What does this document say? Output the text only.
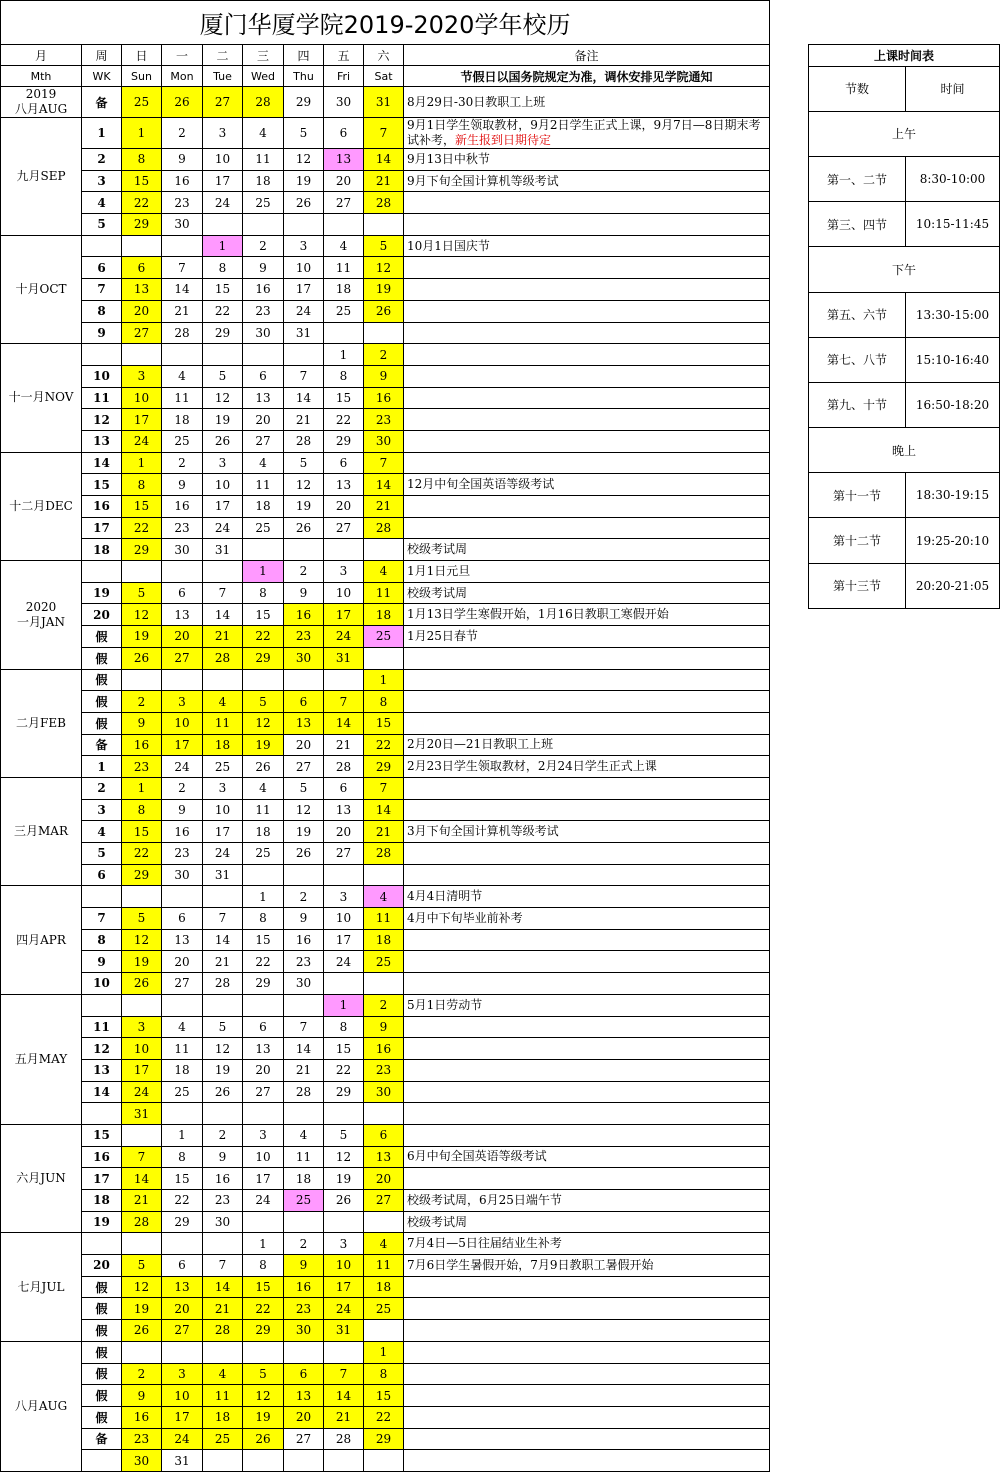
厦门华厦学院2019-2020学年校历									
月	周	日	一	二	三	四	五	六	备注
Mth	WK	Sun	Mon	Tue	Wed	Thu	Fri	Sat	节假日以国务院规定为准，调休安排见学院通知
2019
八月AUG	备	25	26	27	28	29	30	31	8月29日-30日教职工上班
九月SEP	1	1	2	3	4	5	6	7	9月1日学生领取教材，9月2日学生正式上课，9月7日—8日期末考试补考，新生报到日期待定
	2	8	9	10	11	12	13	14	9月13日中秋节
	3	15	16	17	18	19	20	21	9月下旬全国计算机等级考试
	4	22	23	24	25	26	27	28	
	5	29	30						
十月OCT				1	2	3	4	5	10月1日国庆节
	6	6	7	8	9	10	11	12	
	7	13	14	15	16	17	18	19	
	8	20	21	22	23	24	25	26	
	9	27	28	29	30	31			
十一月NOV							1	2	
	10	3	4	5	6	7	8	9	
	11	10	11	12	13	14	15	16	
	12	17	18	19	20	21	22	23	
	13	24	25	26	27	28	29	30	
十二月DEC	14	1	2	3	4	5	6	7	
	15	8	9	10	11	12	13	14	12月中旬全国英语等级考试
	16	15	16	17	18	19	20	21	
	17	22	23	24	25	26	27	28	
	18	29	30	31					校级考试周
2020
一月JAN					1	2	3	4	1月1日元旦
	19	5	6	7	8	9	10	11	校级考试周
	20	12	13	14	15	16	17	18	1月13日学生寒假开始，1月16日教职工寒假开始
	假	19	20	21	22	23	24	25	1月25日春节
	假	26	27	28	29	30	31		
二月FEB	假							1	
	假	2	3	4	5	6	7	8	
	假	9	10	11	12	13	14	15	
	备	16	17	18	19	20	21	22	2月20日—21日教职工上班
	1	23	24	25	26	27	28	29	2月23日学生领取教材，2月24日学生正式上课
三月MAR	2	1	2	3	4	5	6	7	
	3	8	9	10	11	12	13	14	
	4	15	16	17	18	19	20	21	3月下旬全国计算机等级考试
	5	22	23	24	25	26	27	28	
	6	29	30	31					
四月APR					1	2	3	4	4月4日清明节
	7	5	6	7	8	9	10	11	4月中下旬毕业前补考
	8	12	13	14	15	16	17	18	
	9	19	20	21	22	23	24	25	
	10	26	27	28	29	30			
五月MAY							1	2	5月1日劳动节
	11	3	4	5	6	7	8	9	
	12	10	11	12	13	14	15	16	
	13	17	18	19	20	21	22	23	
	14	24	25	26	27	28	29	30	
		31							
六月JUN	15		1	2	3	4	5	6	
	16	7	8	9	10	11	12	13	6月中旬全国英语等级考试
	17	14	15	16	17	18	19	20	
	18	21	22	23	24	25	26	27	校级考试周，6月25日端午节
	19	28	29	30					校级考试周
七月JUL					1	2	3	4	7月4日—5日往届结业生补考
	20	5	6	7	8	9	10	11	7月6日学生暑假开始，7月9日教职工暑假开始
	假	12	13	14	15	16	17	18	
	假	19	20	21	22	23	24	25	
	假	26	27	28	29	30	31		
八月AUG	假							1	
	假	2	3	4	5	6	7	8	
	假	9	10	11	12	13	14	15	
	假	16	17	18	19	20	21	22	
	备	23	24	25	26	27	28	29	
		30	31						
上课时间表	
节数	时间
上午	
第一、二节	8:30-10:00
第三、四节	10:15-11:45
下午	
第五、六节	13:30-15:00
第七、八节	15:10-16:40
第九、十节	16:50-18:20
晚上	
第十一节	18:30-19:15
第十二节	19:25-20:10
第十三节	20:20-21:05
